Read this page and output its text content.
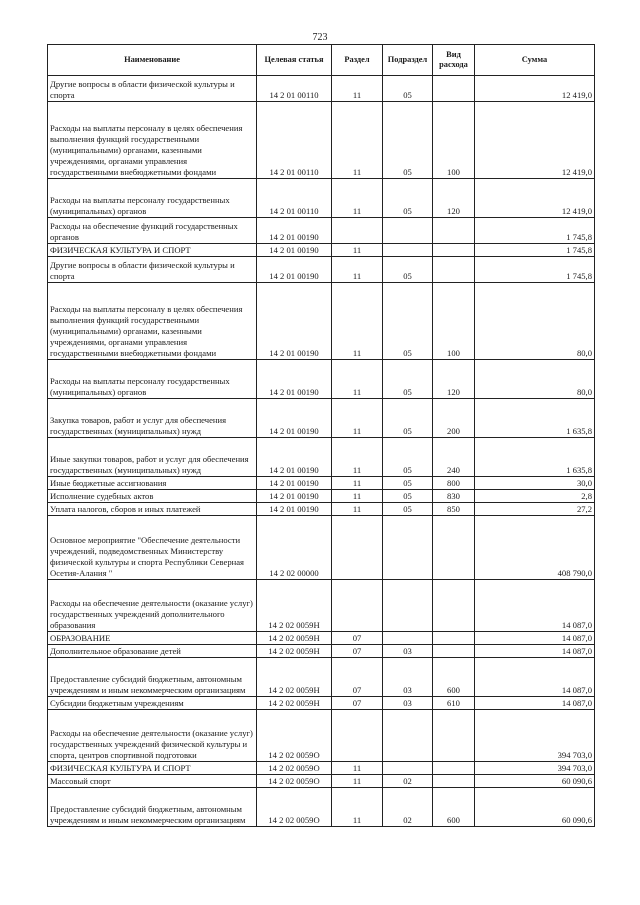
723
Наименование	Целевая статья	Раздел	Подраздел	Вид расхода	Сумма
Другие вопросы в области физической культуры и спорта	14 2 01 00110	11	05		12 419,0
Расходы на выплаты персоналу в целях обеспечения выполнения функций государственными (муниципальными) органами, казенными учреждениями, органами управления государственными внебюджетными фондами	14 2 01 00110	11	05	100	12 419,0
Расходы на выплаты персоналу государственных (муниципальных) органов	14 2 01 00110	11	05	120	12 419,0
Расходы на обеспечение функций государственных органов	14 2 01 00190				1 745,8
ФИЗИЧЕСКАЯ КУЛЬТУРА И СПОРТ	14 2 01 00190	11			1 745,8
Другие вопросы в области физической культуры и спорта	14 2 01 00190	11	05		1 745,8
Расходы на выплаты персоналу в целях обеспечения выполнения функций государственными (муниципальными) органами, казенными учреждениями, органами управления государственными внебюджетными фондами	14 2 01 00190	11	05	100	80,0
Расходы на выплаты персоналу государственных (муниципальных) органов	14 2 01 00190	11	05	120	80,0
Закупка товаров, работ и услуг для обеспечения государственных (муниципальных) нужд	14 2 01 00190	11	05	200	1 635,8
Иные закупки товаров, работ и услуг для обеспечения государственных (муниципальных) нужд	14 2 01 00190	11	05	240	1 635,8
Иные бюджетные ассигнования	14 2 01 00190	11	05	800	30,0
Исполнение судебных актов	14 2 01 00190	11	05	830	2,8
Уплата налогов, сборов и иных платежей	14 2 01 00190	11	05	850	27,2
Основное мероприятие "Обеспечение деятельности учреждений, подведомственных Министерству физической культуры и спорта Республики Северная Осетия-Алания "	14 2 02 00000				408 790,0
Расходы на обеспечение деятельности (оказание услуг) государственных учреждений дополнительного образования	14 2 02 0059Н				14 087,0
ОБРАЗОВАНИЕ	14 2 02 0059Н	07			14 087,0
Дополнительное образование детей	14 2 02 0059Н	07	03		14 087,0
Предоставление субсидий бюджетным, автономным учреждениям и иным некоммерческим организациям	14 2 02 0059Н	07	03	600	14 087,0
Субсидии бюджетным учреждениям	14 2 02 0059Н	07	03	610	14 087,0
Расходы на обеспечение деятельности (оказание услуг) государственных учреждений физической культуры и спорта, центров спортивной подготовки	14 2 02 0059О				394 703,0
ФИЗИЧЕСКАЯ КУЛЬТУРА И СПОРТ	14 2 02 0059О	11			394 703,0
Массовый спорт	14 2 02 0059О	11	02		60 090,6
Предоставление субсидий бюджетным, автономным учреждениям и иным некоммерческим организациям	14 2 02 0059О	11	02	600	60 090,6
